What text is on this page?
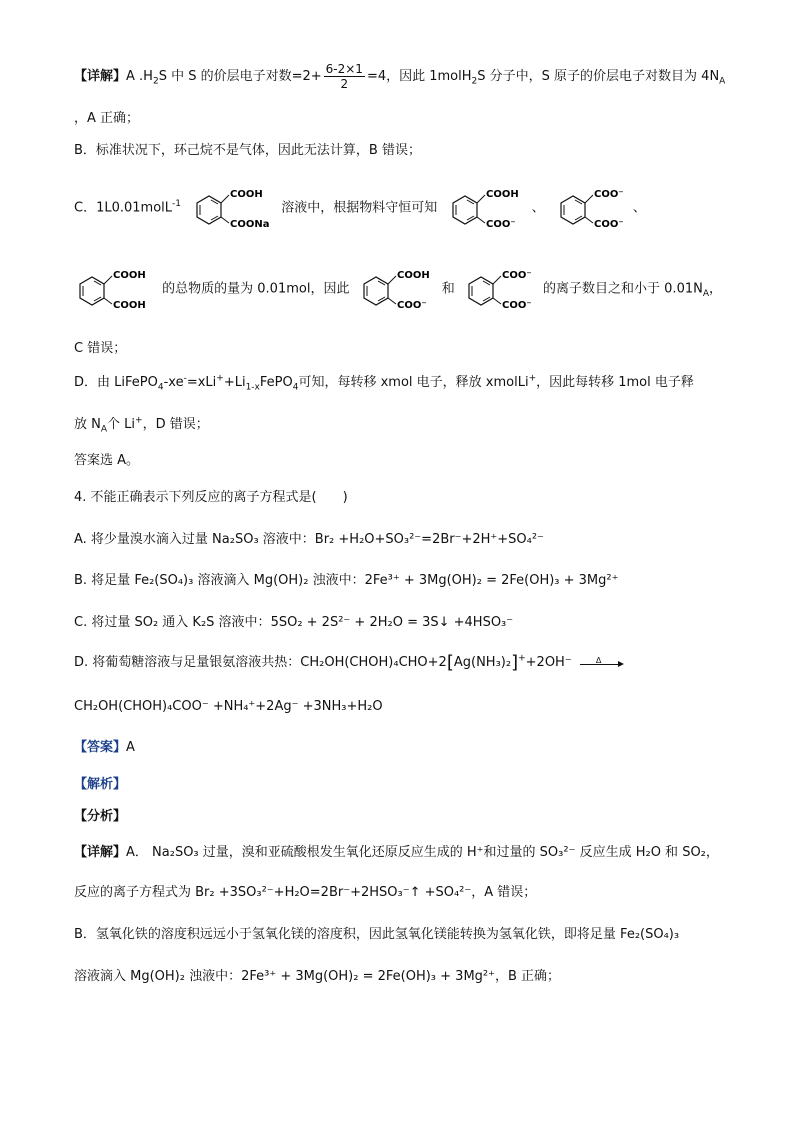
【详解】A $.H_2S$ 中 S 的价层电子对数$=2+ \frac{6-2\times 1}{2} =4$，因此 1molH$_2$S 分子中，S 原子的价层电子对数目为 $4N_A$
，A 正确；
B．标准状况下，环己烷不是气体，因此无法计算，B 错误；
C．1L0.01molL$^{-1}$
COOH
COONa
溶液中，根据物料守恒可知
COOH
COO⁻
、
COO⁻
COO⁻
、
COOH
COOH
的总物质的量为 0.01mol，因此
COOH
COO⁻
和
COO⁻
COO⁻
的离子数目之和小于 $0.01N_A$，
C 错误；
D．由 $LiFePO_4-xe^-=xLi^++Li_{1-x}FePO_4$可知，每转移 xmol 电子，释放 xmolLi+，因此每转移 1mol 电子释
放 $N_A$个 Li+，D 错误；
答案选 A。
4. 不能正确表示下列反应的离子方程式是(　　)
A. 将少量溴水滴入过量 Na₂SO₃ 溶液中：Br₂ +H₂O+SO₃²⁻=2Br⁻+2H⁺+SO₄²⁻
B. 将足量 Fe₂(SO₄)₃ 溶液滴入 Mg(OH)₂ 浊液中：2Fe³⁺ + 3Mg(OH)₂ = 2Fe(OH)₃ + 3Mg²⁺
C. 将过量 SO₂ 通入 K₂S 溶液中：5SO₂ + 2S²⁻ + 2H₂O = 3S↓ +4HSO₃⁻
D. 将葡萄糖溶液与足量银氨溶液共热：CH₂OH(CHOH)₄CHO+2[Ag(NH₃)₂]++2OH⁻	Δ
CH₂OH(CHOH)₄COO⁻ +NH₄⁺+2Ag⁻ +3NH₃+H₂O
【答案】A
【解析】
【分析】
【详解】A． Na₂SO₃ 过量，溴和亚硫酸根发生氧化还原反应生成的 H⁺和过量的 SO₃²⁻ 反应生成 H₂O 和 SO₂，
反应的离子方程式为 Br₂ +3SO₃²⁻+H₂O=2Br⁻+2HSO₃⁻↑ +SO₄²⁻，A 错误；
B．氢氧化铁的溶度积远远小于氢氧化镁的溶度积，因此氢氧化镁能转换为氢氧化铁，即将足量 Fe₂(SO₄)₃
溶液滴入 Mg(OH)₂ 浊液中：2Fe³⁺ + 3Mg(OH)₂ = 2Fe(OH)₃ + 3Mg²⁺，B 正确；
